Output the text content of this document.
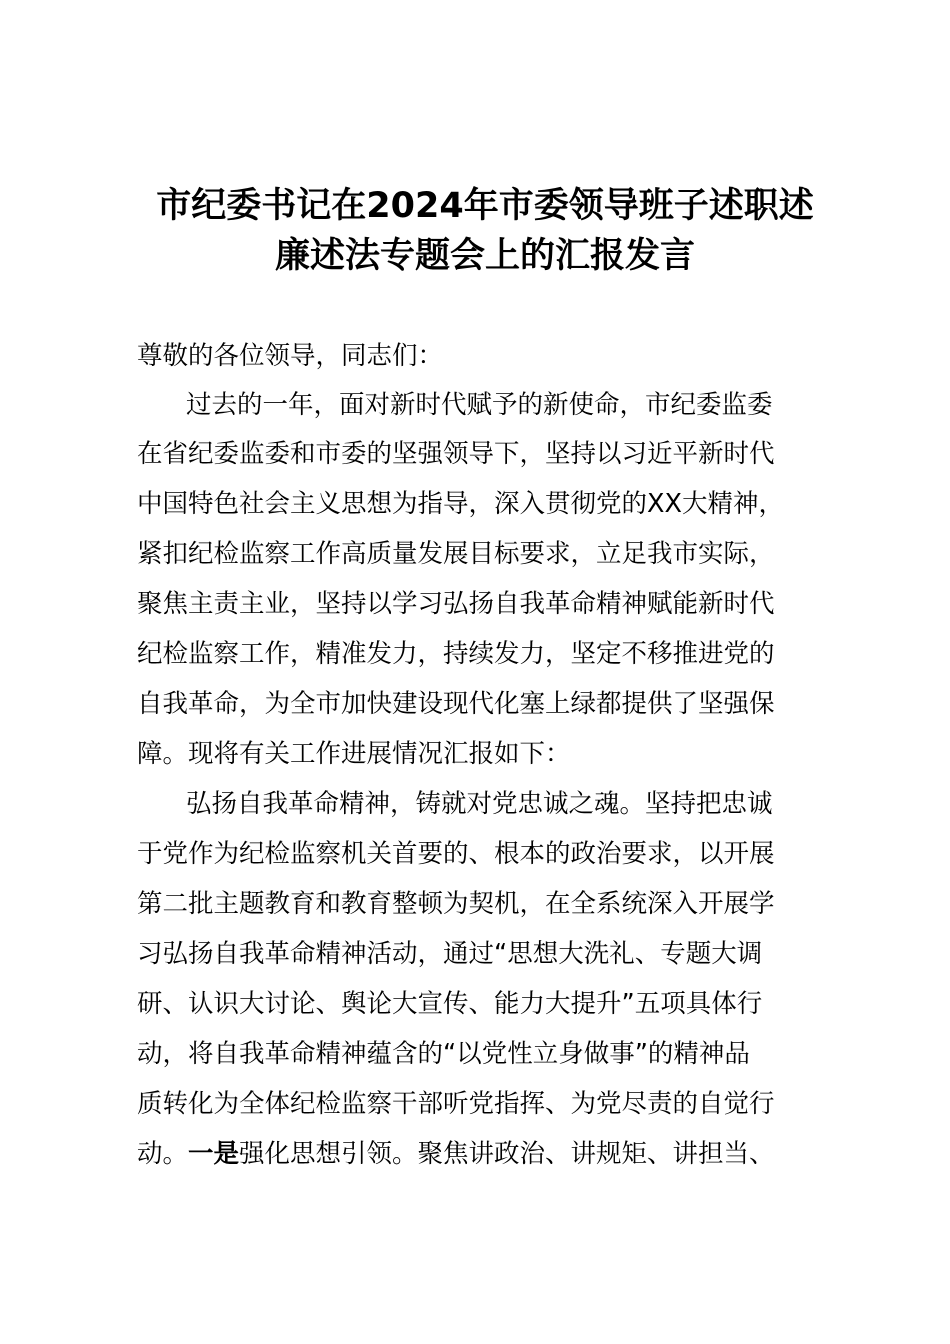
市纪委书记在2024年市委领导班子述职述
廉述法专题会上的汇报发言

尊敬的各位领导，同志们：

过去的一年，面对新时代赋予的新使命，市纪委监委

在省纪委监委和市委的坚强领导下，坚持以习近平新时代

中国特色社会主义思想为指导，深入贯彻党的XX大精神，

紧扣纪检监察工作高质量发展目标要求，立足我市实际，

聚焦主责主业，坚持以学习弘扬自我革命精神赋能新时代

纪检监察工作，精准发力，持续发力，坚定不移推进党的

自我革命，为全市加快建设现代化塞上绿都提供了坚强保

障。现将有关工作进展情况汇报如下：

弘扬自我革命精神，铸就对党忠诚之魂。坚持把忠诚

于党作为纪检监察机关首要的、根本的政治要求，以开展

第二批主题教育和教育整顿为契机，在全系统深入开展学

习弘扬自我革命精神活动，通过“思想大洗礼、专题大调

研、认识大讨论、舆论大宣传、能力大提升”五项具体行

动，将自我革命精神蕴含的“以党性立身做事”的精神品

质转化为全体纪检监察干部听党指挥、为党尽责的自觉行

动。一是强化思想引领。聚焦讲政治、讲规矩、讲担当、
